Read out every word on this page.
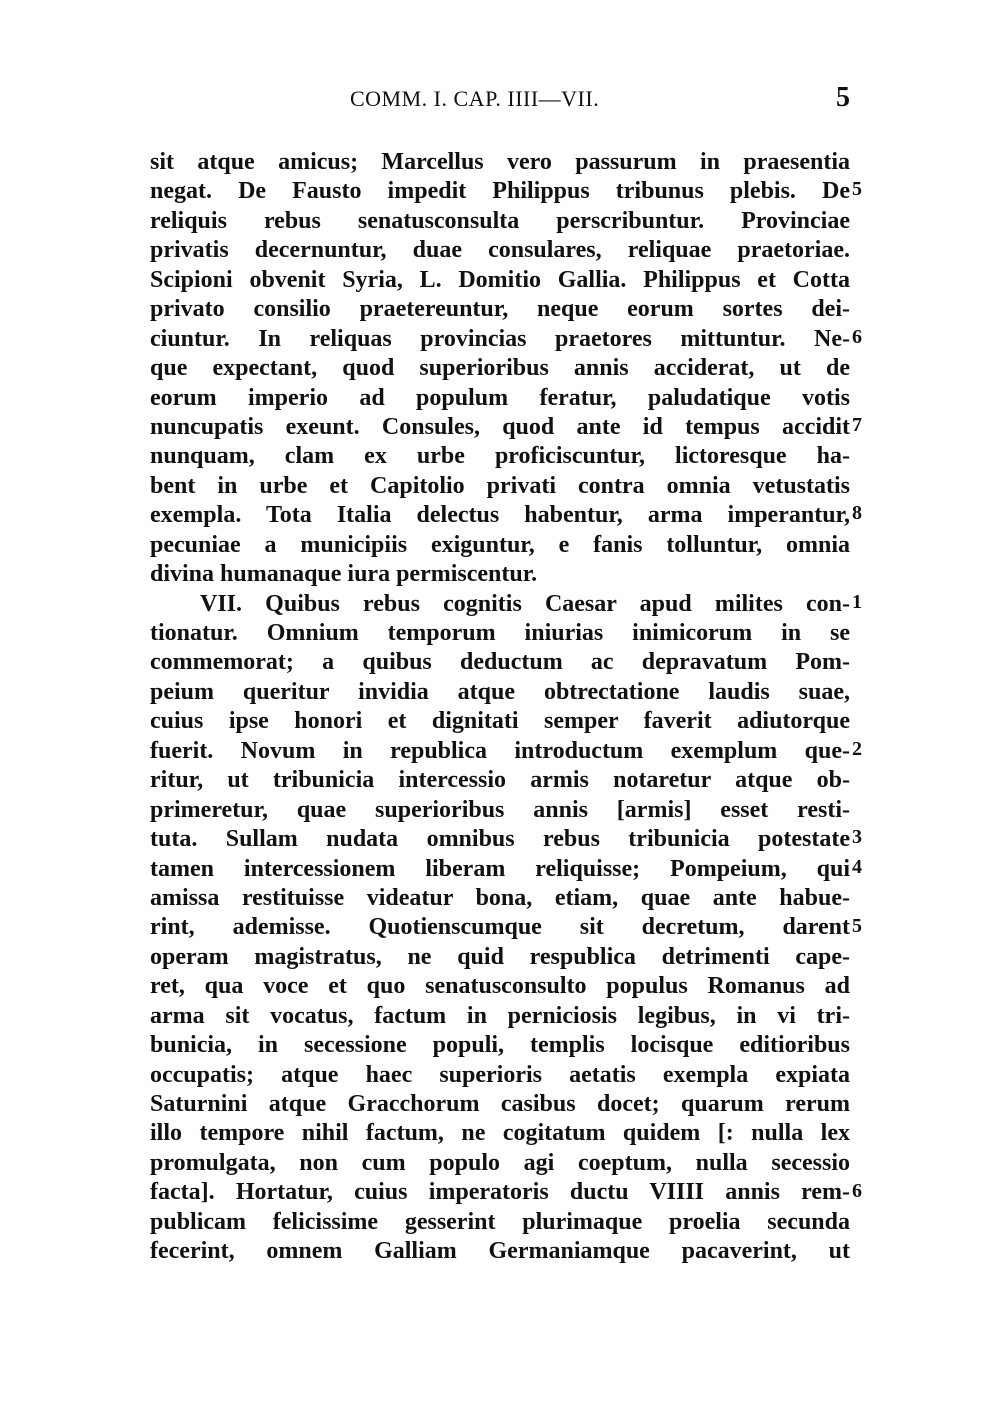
COMM. I. CAP. IIII—VII.	5
sit atque amicus; Marcellus vero passurum in praesentia
negat. De Fausto impedit Philippus tribunus plebis. De
reliquis rebus senatusconsulta perscribuntur. Provinciae
privatis decernuntur, duae consulares, reliquae praetoriae.
Scipioni obvenit Syria, L. Domitio Gallia. Philippus et Cotta
privato consilio praetereuntur, neque eorum sortes dei-
ciuntur. In reliquas provincias praetores mittuntur. Ne-
que expectant, quod superioribus annis acciderat, ut de
eorum imperio ad populum feratur, paludatique votis
nuncupatis exeunt. Consules, quod ante id tempus accidit
nunquam, clam ex urbe proficiscuntur, lictoresque ha-
bent in urbe et Capitolio privati contra omnia vetustatis
exempla. Tota Italia delectus habentur, arma imperantur,
pecuniae a municipiis exiguntur, e fanis tolluntur, omnia
divina humanaque iura permiscentur.
VII. Quibus rebus cognitis Caesar apud milites con-
tionatur. Omnium temporum iniurias inimicorum in se
commemorat; a quibus deductum ac depravatum Pom-
peium queritur invidia atque obtrectatione laudis suae,
cuius ipse honori et dignitati semper faverit adiutorque
fuerit. Novum in republica introductum exemplum que-
ritur, ut tribunicia intercessio armis notaretur atque ob-
primeretur, quae superioribus annis [armis] esset resti-
tuta. Sullam nudata omnibus rebus tribunicia potestate
tamen intercessionem liberam reliquisse; Pompeium, qui
amissa restituisse videatur bona, etiam, quae ante habue-
rint, ademisse. Quotienscumque sit decretum, darent
operam magistratus, ne quid respublica detrimenti cape-
ret, qua voce et quo senatusconsulto populus Romanus ad
arma sit vocatus, factum in perniciosis legibus, in vi tri-
bunicia, in secessione populi, templis locisque editioribus
occupatis; atque haec superioris aetatis exempla expiata
Saturnini atque Gracchorum casibus docet; quarum rerum
illo tempore nihil factum, ne cogitatum quidem [: nulla lex
promulgata, non cum populo agi coeptum, nulla secessio
facta]. Hortatur, cuius imperatoris ductu VIIII annis rem-
publicam felicissime gesserint plurimaque proelia secunda
fecerint, omnem Galliam Germaniamque pacaverint, ut
5
6
7
8
1
2
3
4
5
6
